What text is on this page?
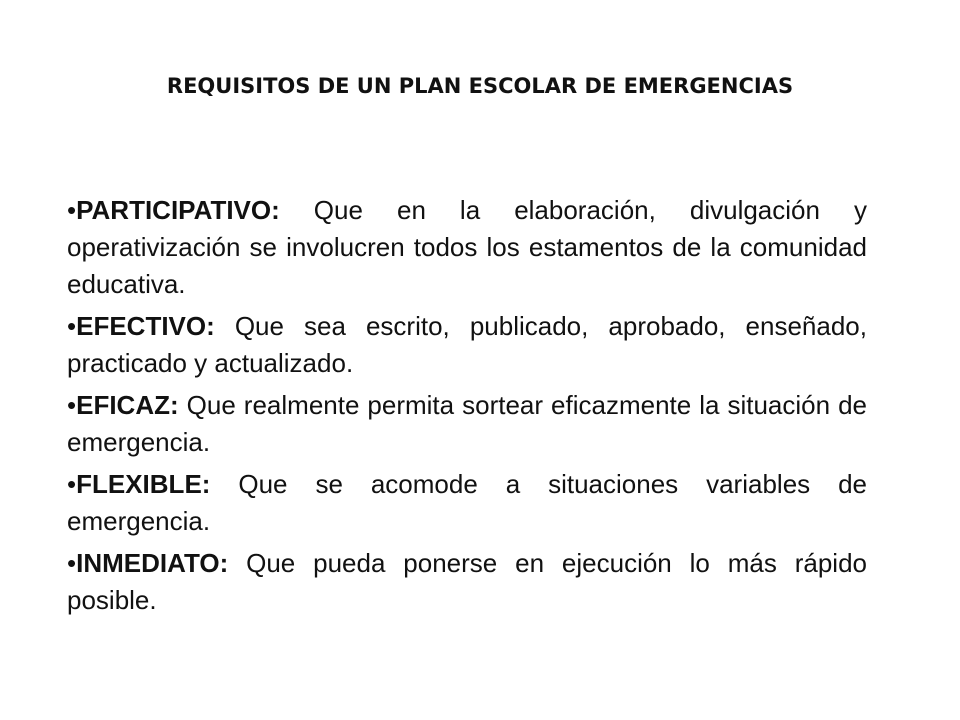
REQUISITOS DE UN PLAN ESCOLAR DE EMERGENCIAS

•PARTICIPATIVO: Que en la elaboración, divulgación y operativización se involucren todos los estamentos de la comunidad educativa.

•EFECTIVO: Que sea escrito, publicado, aprobado, enseñado, practicado y actualizado.

•EFICAZ: Que realmente permita sortear eficazmente la situación de emergencia.

•FLEXIBLE: Que se acomode a situaciones variables de emergencia.

•INMEDIATO: Que pueda ponerse en ejecución lo más rápido posible.
